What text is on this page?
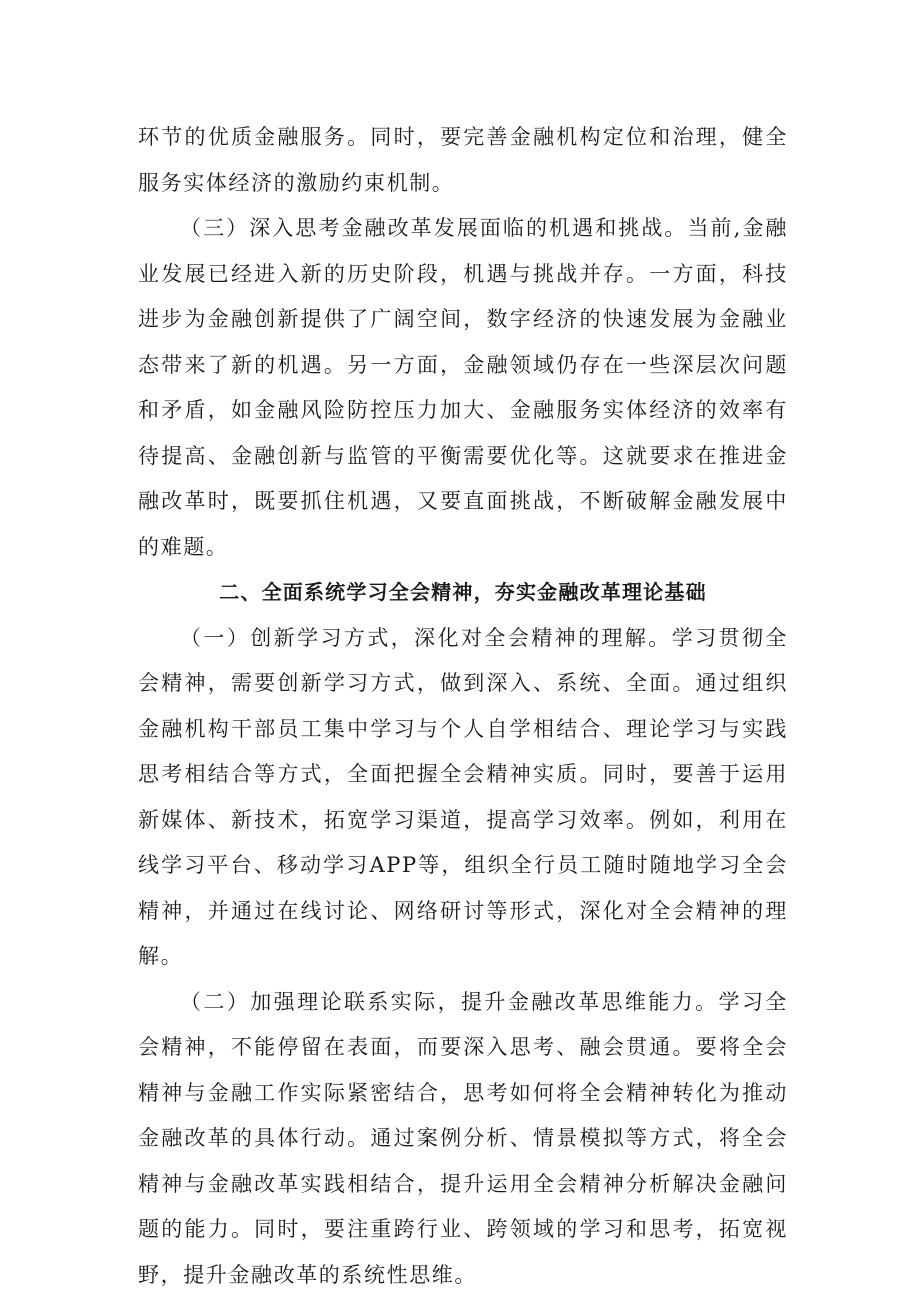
环节的优质金融服务。同时，要完善金融机构定位和治理，健全服务实体经济的激励约束机制。

（三）深入思考金融改革发展面临的机遇和挑战。当前,金融业发展已经进入新的历史阶段，机遇与挑战并存。一方面，科技进步为金融创新提供了广阔空间，数字经济的快速发展为金融业态带来了新的机遇。另一方面，金融领域仍存在一些深层次问题和矛盾，如金融风险防控压力加大、金融服务实体经济的效率有待提高、金融创新与监管的平衡需要优化等。这就要求在推进金融改革时，既要抓住机遇，又要直面挑战，不断破解金融发展中的难题。

二、全面系统学习全会精神，夯实金融改革理论基础

（一）创新学习方式，深化对全会精神的理解。学习贯彻全会精神，需要创新学习方式，做到深入、系统、全面。通过组织金融机构干部员工集中学习与个人自学相结合、理论学习与实践思考相结合等方式，全面把握全会精神实质。同时，要善于运用新媒体、新技术，拓宽学习渠道，提高学习效率。例如，利用在线学习平台、移动学习APP等，组织全行员工随时随地学习全会精神，并通过在线讨论、网络研讨等形式，深化对全会精神的理解。

（二）加强理论联系实际，提升金融改革思维能力。学习全会精神，不能停留在表面，而要深入思考、融会贯通。要将全会精神与金融工作实际紧密结合，思考如何将全会精神转化为推动金融改革的具体行动。通过案例分析、情景模拟等方式，将全会精神与金融改革实践相结合，提升运用全会精神分析解决金融问题的能力。同时，要注重跨行业、跨领域的学习和思考，拓宽视野，提升金融改革的系统性思维。
